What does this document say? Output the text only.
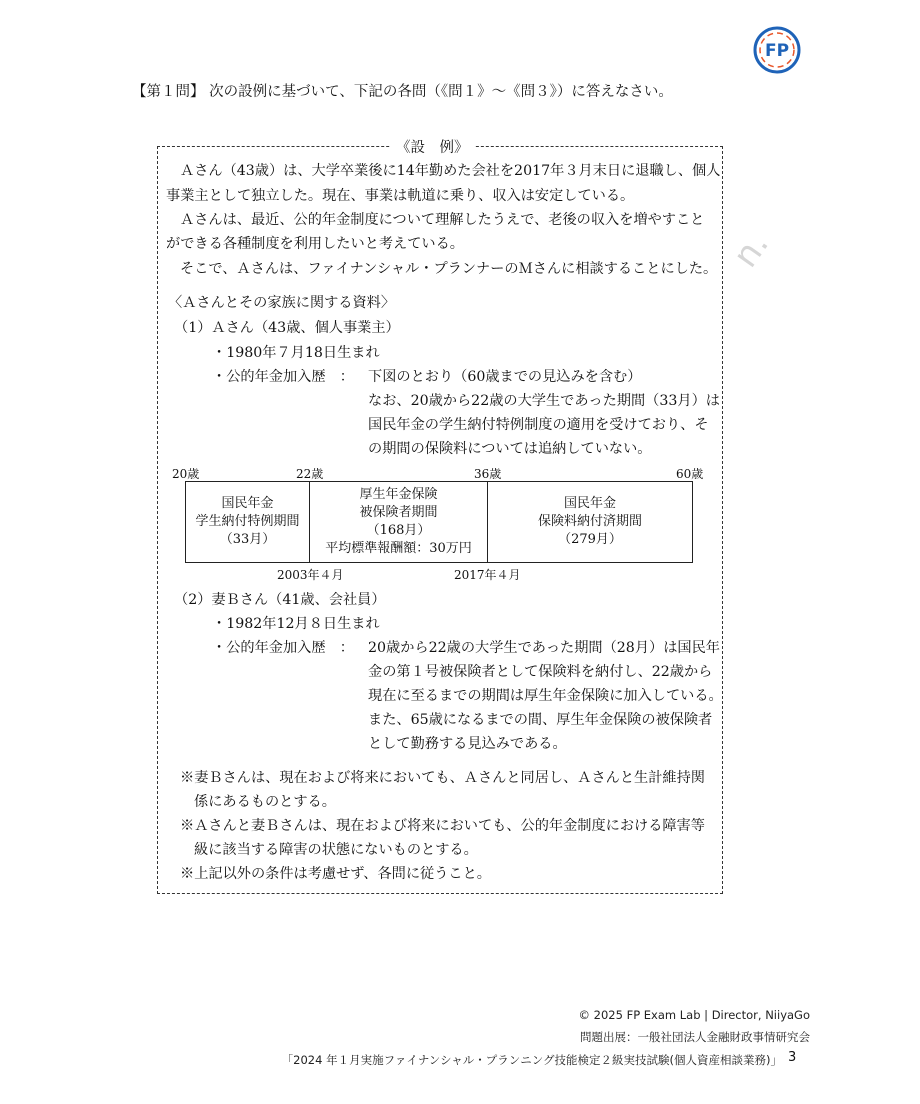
n.
FP
【第１問】 次の設例に基づいて、下記の各問（《問１》～《問３》）に答えなさい。
《設　例》
Ａさん（43歳）は、大学卒業後に14年勤めた会社を2017年３月末日に退職し、個人
事業主として独立した。現在、事業は軌道に乗り、収入は安定している。
Ａさんは、最近、公的年金制度について理解したうえで、老後の収入を増やすこと
ができる各種制度を利用したいと考えている。
そこで、Ａさんは、ファイナンシャル・プランナーのＭさんに相談することにした。
〈Ａさんとその家族に関する資料〉
（1）Ａさん（43歳、個人事業主）
・1980年７月18日生まれ
・公的年金加入歴　： 下図のとおり（60歳までの見込みを含む）
なお、20歳から22歳の大学生であった期間（33月）は
国民年金の学生納付特例制度の適用を受けており、そ
の期間の保険料については追納していない。
20歳	22歳	36歳	60歳
国民年金
学生納付特例期間
（33月）
厚生年金保険
被保険者期間
（168月）
平均標準報酬額：30万円
国民年金
保険料納付済期間
（279月）
2003年４月	2017年４月
（2）妻Ｂさん（41歳、会社員）
・1982年12月８日生まれ
・公的年金加入歴　： 20歳から22歳の大学生であった期間（28月）は国民年
金の第１号被保険者として保険料を納付し、22歳から
現在に至るまでの期間は厚生年金保険に加入している。
また、65歳になるまでの間、厚生年金保険の被保険者
として勤務する見込みである。
※妻Ｂさんは、現在および将来においても、Ａさんと同居し、Ａさんと生計維持関
係にあるものとする。
※Ａさんと妻Ｂさんは、現在および将来においても、公的年金制度における障害等
級に該当する障害の状態にないものとする。
※上記以外の条件は考慮せず、各問に従うこと。
© 2025 FP Exam Lab | Director, NiiyaGo
問題出展：一般社団法人金融財政事情研究会
「2024 年１月実施ファイナンシャル・プランニング技能検定２級実技試験(個人資産相談業務)」 3
